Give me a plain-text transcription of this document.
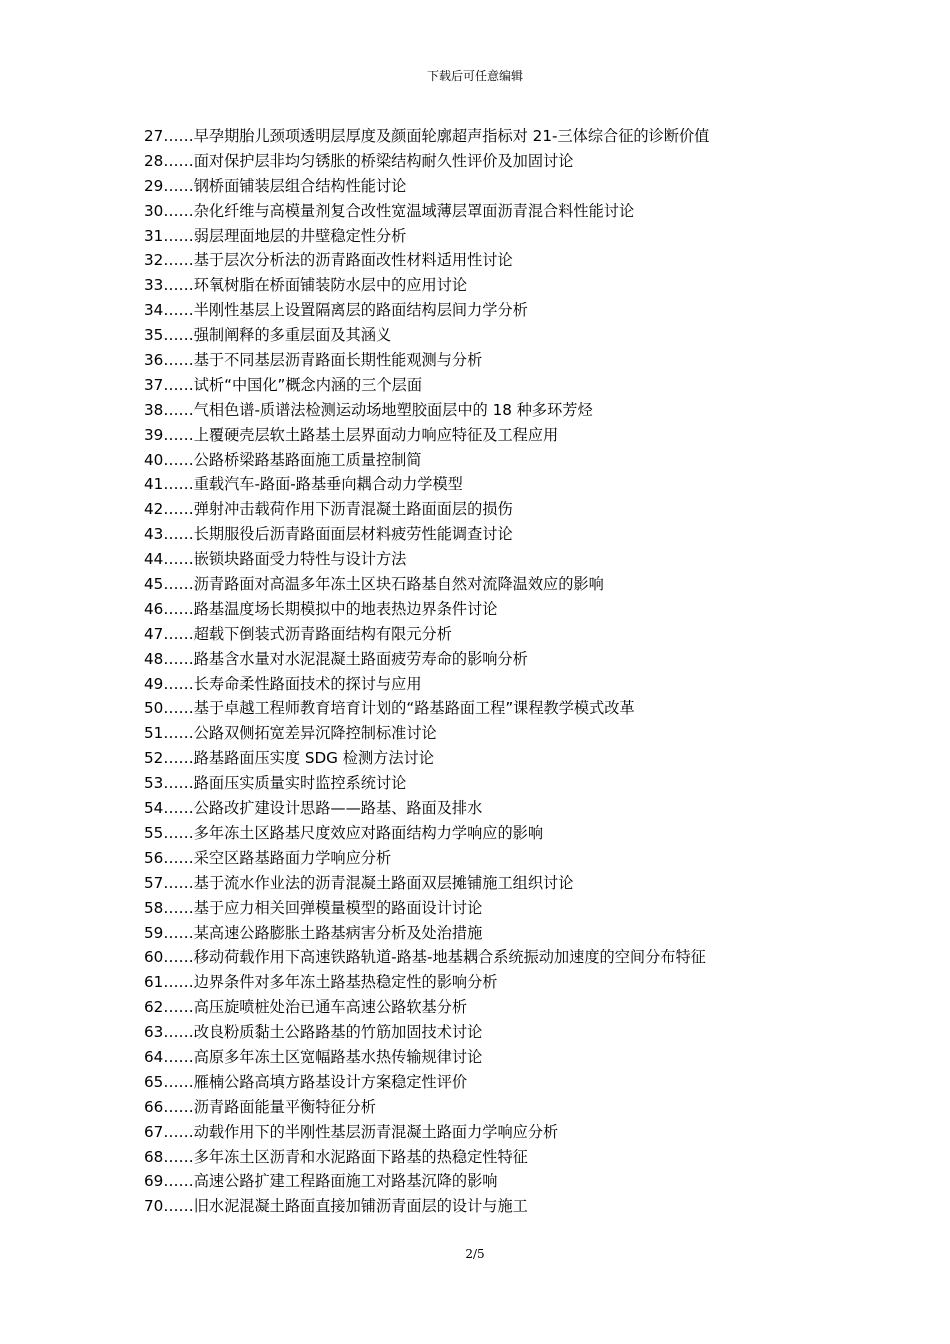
下载后可任意编辑
27……早孕期胎儿颈项透明层厚度及颜面轮廓超声指标对 21-三体综合征的诊断价值
28……面对保护层非均匀锈胀的桥梁结构耐久性评价及加固讨论
29……钢桥面铺装层组合结构性能讨论
30……杂化纤维与高模量剂复合改性宽温域薄层罩面沥青混合料性能讨论
31……弱层理面地层的井壁稳定性分析
32……基于层次分析法的沥青路面改性材料适用性讨论
33……环氧树脂在桥面铺装防水层中的应用讨论
34……半刚性基层上设置隔离层的路面结构层间力学分析
35……强制阐释的多重层面及其涵义
36……基于不同基层沥青路面长期性能观测与分析
37……试析“中国化”概念内涵的三个层面
38……气相色谱-质谱法检测运动场地塑胶面层中的 18 种多环芳烃
39……上覆硬壳层软土路基土层界面动力响应特征及工程应用
40……公路桥梁路基路面施工质量控制简
41……重载汽车-路面-路基垂向耦合动力学模型
42……弹射冲击载荷作用下沥青混凝土路面面层的损伤
43……长期服役后沥青路面面层材料疲劳性能调查讨论
44……嵌锁块路面受力特性与设计方法
45……沥青路面对高温多年冻土区块石路基自然对流降温效应的影响
46……路基温度场长期模拟中的地表热边界条件讨论
47……超载下倒装式沥青路面结构有限元分析
48……路基含水量对水泥混凝土路面疲劳寿命的影响分析
49……长寿命柔性路面技术的探讨与应用
50……基于卓越工程师教育培育计划的“路基路面工程”课程教学模式改革
51……公路双侧拓宽差异沉降控制标准讨论
52……路基路面压实度 SDG 检测方法讨论
53……路面压实质量实时监控系统讨论
54……公路改扩建设计思路——路基、路面及排水
55……多年冻土区路基尺度效应对路面结构力学响应的影响
56……采空区路基路面力学响应分析
57……基于流水作业法的沥青混凝土路面双层摊铺施工组织讨论
58……基于应力相关回弹模量模型的路面设计讨论
59……某高速公路膨胀土路基病害分析及处治措施
60……移动荷载作用下高速铁路轨道-路基-地基耦合系统振动加速度的空间分布特征
61……边界条件对多年冻土路基热稳定性的影响分析
62……高压旋喷桩处治已通车高速公路软基分析
63……改良粉质黏土公路路基的竹筋加固技术讨论
64……高原多年冻土区宽幅路基水热传输规律讨论
65……雁楠公路高填方路基设计方案稳定性评价
66……沥青路面能量平衡特征分析
67……动载作用下的半刚性基层沥青混凝土路面力学响应分析
68……多年冻土区沥青和水泥路面下路基的热稳定性特征
69……高速公路扩建工程路面施工对路基沉降的影响
70……旧水泥混凝土路面直接加铺沥青面层的设计与施工
2/5
